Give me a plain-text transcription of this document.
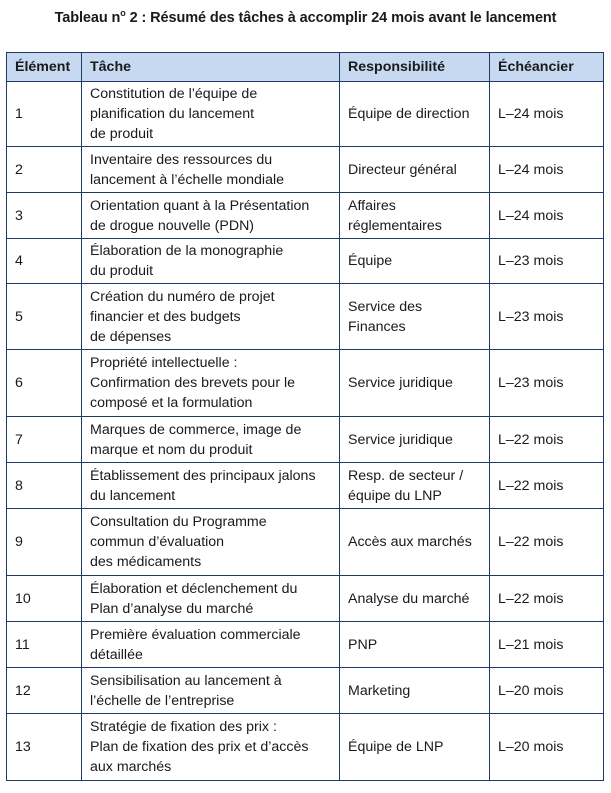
Tableau $n^o$ 2 : Résumé des tâches à accomplir 24 mois avant le lancement
Élément	Tâche	Responsibilité	Échéancier
1	Constitution de l’équipe de
planification du lancement
de produit	Équipe de direction	L–24 mois
2	Inventaire des ressources du
lancement à l’échelle mondiale	Directeur général	L–24 mois
3	Orientation quant à la Présentation
de drogue nouvelle (PDN)	Affaires
réglementaires	L–24 mois
4	Élaboration de la monographie
du produit	Équipe	L–23 mois
5	Création du numéro de projet
financier et des budgets
de dépenses	Service des
Finances	L–23 mois
6	Propriété intellectuelle :
Confirmation des brevets pour le
composé et la formulation	Service juridique	L–23 mois
7	Marques de commerce, image de
marque et nom du produit	Service juridique	L–22 mois
8	Établissement des principaux jalons
du lancement	Resp. de secteur /
équipe du LNP	L–22 mois
9	Consultation du Programme
commun d’évaluation
des médicaments	Accès aux marchés	L–22 mois
10	Élaboration et déclenchement du
Plan d’analyse du marché	Analyse du marché	L–22 mois
11	Première évaluation commerciale
détaillée	PNP	L–21 mois
12	Sensibilisation au lancement à
l’échelle de l’entreprise	Marketing	L–20 mois
13	Stratégie de fixation des prix :
Plan de fixation des prix et d’accès
aux marchés	Équipe de LNP	L–20 mois
